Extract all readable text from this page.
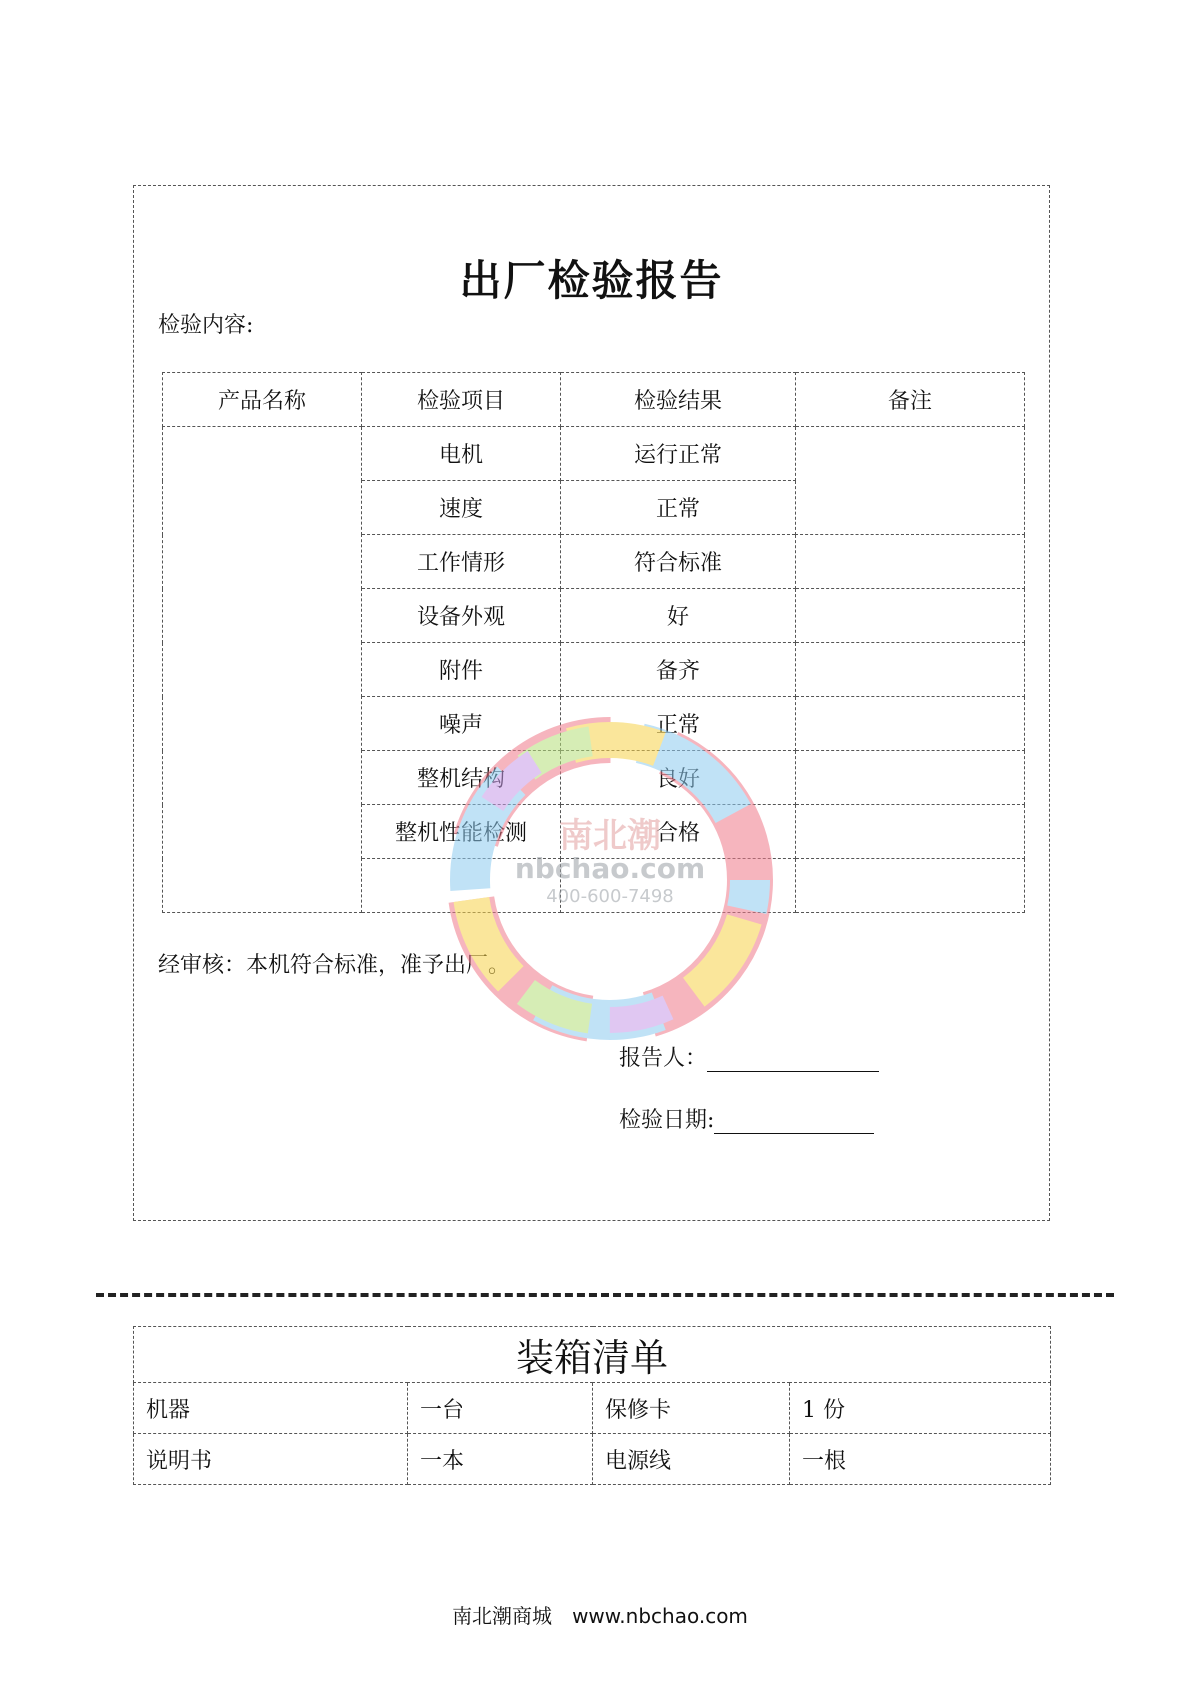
出厂检验报告
检验内容:
产品名称	检验项目	检验结果	备注
	电机	运行正常	
	速度	正常	
	工作情形	符合标准	
	设备外观	好	
	附件	备齐	
	噪声	正常	
	整机结构	良好	
	整机性能检测	合格	

经审核：本机符合标准，准予出厂。
报告人：
检验日期:
南北潮
nbchao.com
400-600-7498
装箱清单			
机器	一台	保修卡	1 份
说明书	一本	电源线	一根
南北潮商城 www.nbchao.com
